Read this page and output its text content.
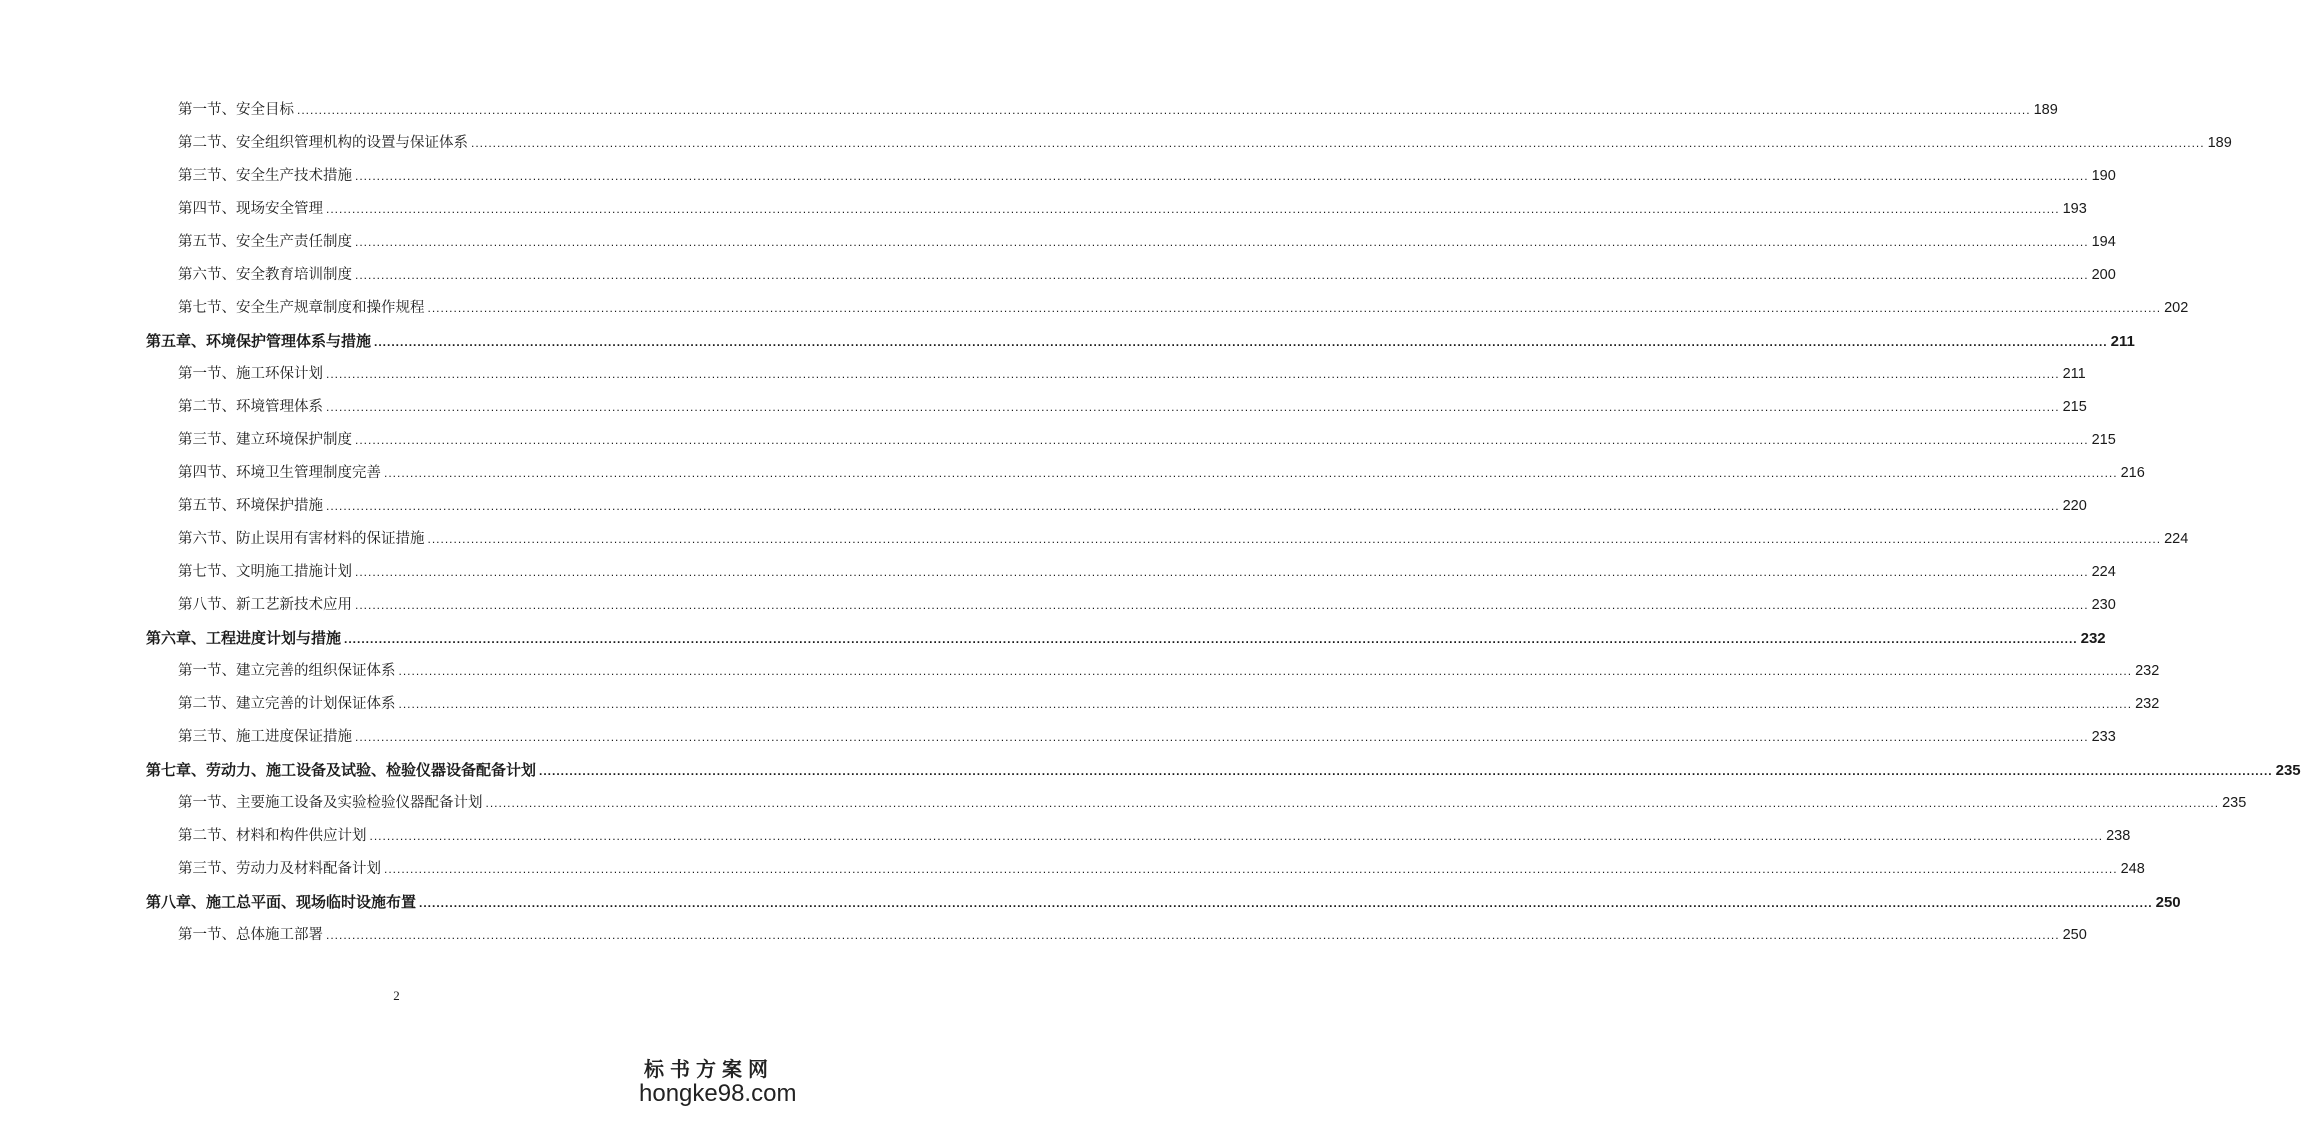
第一节、安全目标 ................................................................................................................................................................................................................................................................................................................................................................................................................ 189
第二节、安全组织管理机构的设置与保证体系 ................................................................................................................................................................................................................................................................................................................................................................................................................ 189
第三节、安全生产技术措施 ................................................................................................................................................................................................................................................................................................................................................................................................................ 190
第四节、现场安全管理 ................................................................................................................................................................................................................................................................................................................................................................................................................ 193
第五节、安全生产责任制度 ................................................................................................................................................................................................................................................................................................................................................................................................................ 194
第六节、安全教育培训制度 ................................................................................................................................................................................................................................................................................................................................................................................................................ 200
第七节、安全生产规章制度和操作规程 ................................................................................................................................................................................................................................................................................................................................................................................................................ 202
第五章、环境保护管理体系与措施 ................................................................................................................................................................................................................................................................................................................................................................................................................ 211
第一节、施工环保计划 ................................................................................................................................................................................................................................................................................................................................................................................................................ 211
第二节、环境管理体系 ................................................................................................................................................................................................................................................................................................................................................................................................................ 215
第三节、建立环境保护制度 ................................................................................................................................................................................................................................................................................................................................................................................................................ 215
第四节、环境卫生管理制度完善 ................................................................................................................................................................................................................................................................................................................................................................................................................ 216
第五节、环境保护措施 ................................................................................................................................................................................................................................................................................................................................................................................................................ 220
第六节、防止误用有害材料的保证措施 ................................................................................................................................................................................................................................................................................................................................................................................................................ 224
第七节、文明施工措施计划 ................................................................................................................................................................................................................................................................................................................................................................................................................ 224
第八节、新工艺新技术应用 ................................................................................................................................................................................................................................................................................................................................................................................................................ 230
第六章、工程进度计划与措施 ................................................................................................................................................................................................................................................................................................................................................................................................................ 232
第一节、建立完善的组织保证体系 ................................................................................................................................................................................................................................................................................................................................................................................................................ 232
第二节、建立完善的计划保证体系 ................................................................................................................................................................................................................................................................................................................................................................................................................ 232
第三节、施工进度保证措施 ................................................................................................................................................................................................................................................................................................................................................................................................................ 233
第七章、劳动力、施工设备及试验、检验仪器设备配备计划 ................................................................................................................................................................................................................................................................................................................................................................................................................ 235
第一节、主要施工设备及实验检验仪器配备计划 ................................................................................................................................................................................................................................................................................................................................................................................................................ 235
第二节、材料和构件供应计划 ................................................................................................................................................................................................................................................................................................................................................................................................................ 238
第三节、劳动力及材料配备计划 ................................................................................................................................................................................................................................................................................................................................................................................................................ 248
第八章、施工总平面、现场临时设施布置 ................................................................................................................................................................................................................................................................................................................................................................................................................ 250
第一节、总体施工部署 ................................................................................................................................................................................................................................................................................................................................................................................................................ 250
2
标书方案网
hongke98.com
